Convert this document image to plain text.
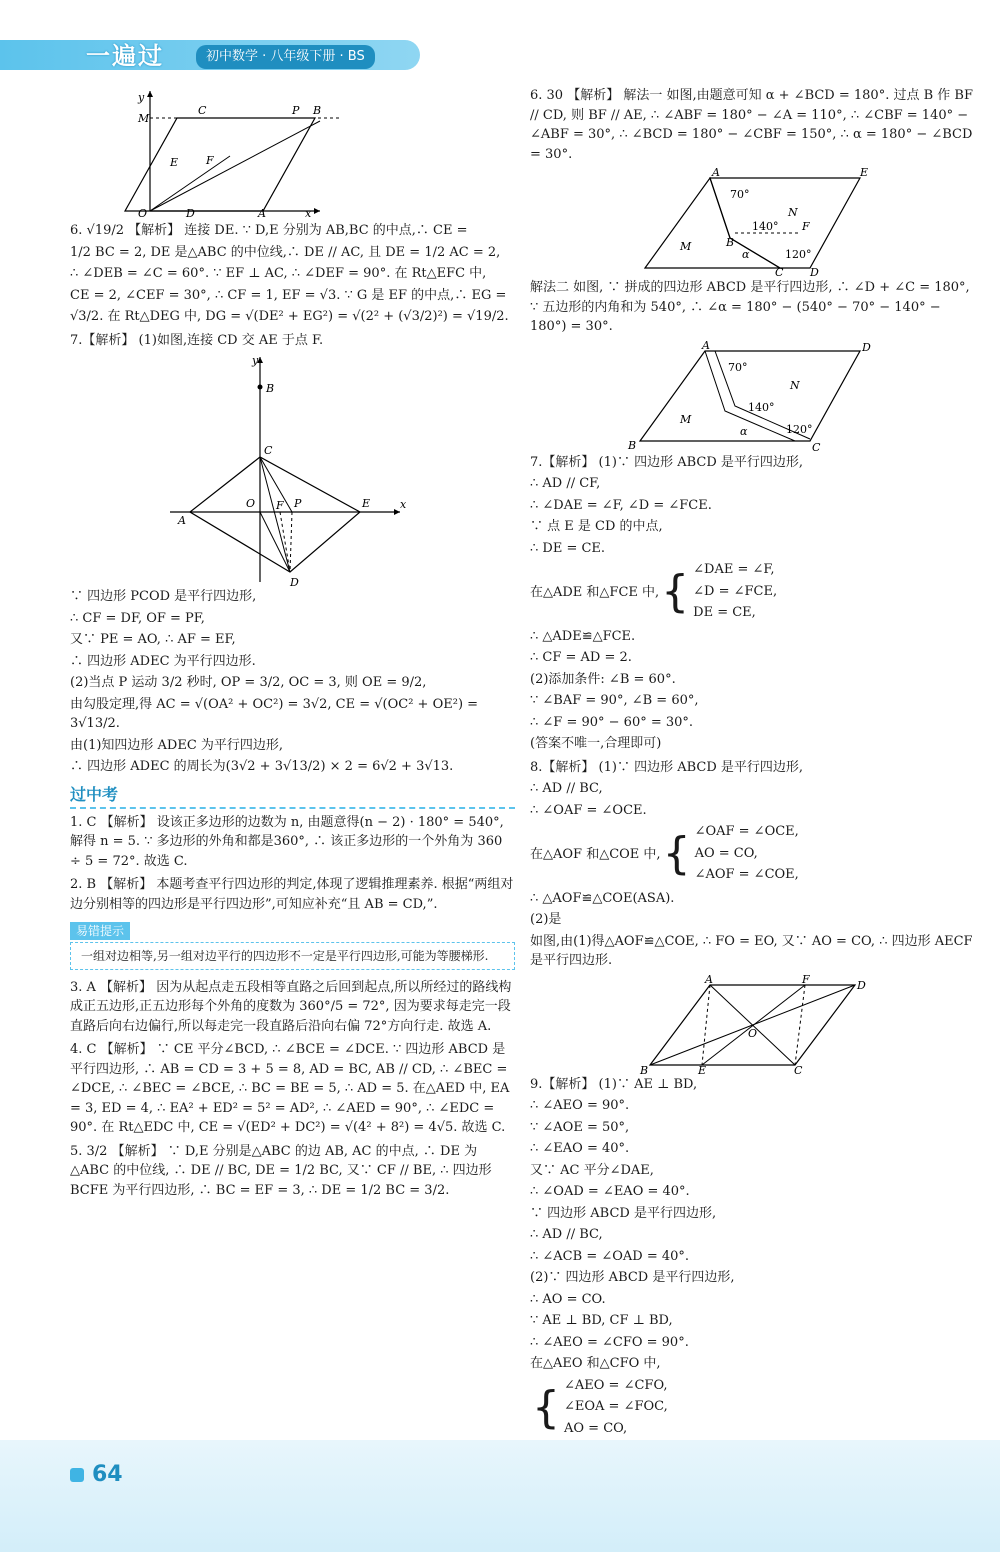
一遍过	初中数学 · 八年级下册 · BS
y
M
C	P B
E	F
O	D	A	x

6. √19/2 【解析】 连接 DE. ∵ D,E 分别为 AB,BC 的中点,∴ CE =

1/2 BC = 2, DE 是△ABC 的中位线,∴ DE // AC, 且 DE = 1/2 AC = 2,

∴ ∠DEB = ∠C = 60°. ∵ EF ⊥ AC, ∴ ∠DEF = 90°. 在 Rt△EFC 中,

CE = 2, ∠CEF = 30°, ∴ CF = 1, EF = √3. ∵ G 是 EF 的中点,∴ EG =

√3/2. 在 Rt△DEG 中, DG = √(DE² + EG²) = √(2² + (√3/2)²) = √19/2.

7.【解析】 (1)如图,连接 CD 交 AE 于点 F.

y
B
C
O F P	E
A
D
x

∵ 四边形 PCOD 是平行四边形,

∴ CF = DF, OF = PF,

又∵ PE = AO, ∴ AF = EF,

∴ 四边形 ADEC 为平行四边形.

(2)当点 P 运动 3/2 秒时, OP = 3/2, OC = 3, 则 OE = 9/2,

由勾股定理,得 AC = √(OA² + OC²) = 3√2, CE = √(OC² + OE²) = 3√13/2.

由(1)知四边形 ADEC 为平行四边形,

∴ 四边形 ADEC 的周长为(3√2 + 3√13/2) × 2 = 6√2 + 3√13.

过中考

1. C 【解析】 设该正多边形的边数为 n, 由题意得(n − 2) · 180° = 540°, 解得 n = 5. ∵ 多边形的外角和都是360°, ∴ 该正多边形的一个外角为 360 ÷ 5 = 72°. 故选 C.

2. B 【解析】 本题考查平行四边形的判定,体现了逻辑推理素养. 根据“两组对边分别相等的四边形是平行四边形”,可知应补充“且 AB = CD,”.

易错提示
一组对边相等,另一组对边平行的四边形不一定是平行四边形,可能为等腰梯形.

3. A 【解析】 因为从起点走五段相等直路之后回到起点,所以所经过的路线构成正五边形,正五边形每个外角的度数为 360°/5 = 72°, 因为要求每走完一段直路后向右边偏行,所以每走完一段直路后沿向右偏 72°方向行走. 故选 A.

4. C 【解析】 ∵ CE 平分∠BCD, ∴ ∠BCE = ∠DCE. ∵ 四边形 ABCD 是平行四边形, ∴ AB = CD = 3 + 5 = 8, AD = BC, AB // CD, ∴ ∠BEC = ∠DCE, ∴ ∠BEC = ∠BCE, ∴ BC = BE = 5, ∴ AD = 5. 在△AED 中, EA = 3, ED = 4, ∴ EA² + ED² = 5² = AD², ∴ ∠AED = 90°, ∴ ∠EDC = 90°. 在 Rt△EDC 中, CE = √(ED² + DC²) = √(4² + 8²) = 4√5. 故选 C.

5. 3/2 【解析】 ∵ D,E 分别是△ABC 的边 AB, AC 的中点, ∴ DE 为△ABC 的中位线, ∴ DE // BC, DE = 1/2 BC, 又∵ CF // BE, ∴ 四边形 BCFE 为平行四边形, ∴ BC = EF = 3, ∴ DE = 1/2 BC = 3/2.

6. 30 【解析】 解法一 如图,由题意可知 α + ∠BCD = 180°. 过点 B 作 BF // CD, 则 BF // AE, ∴ ∠ABF = 180° − ∠A = 110°, ∴ ∠CBF = 140° − ∠ABF = 30°, ∴ ∠BCD = 180° − ∠CBF = 150°, ∴ α = 180° − ∠BCD = 30°.

A	E
70°
N
140° F
B
M
α	120°
C D

解法二 如图, ∵ 拼成的四边形 ABCD 是平行四边形, ∴ ∠D + ∠C = 180°, ∵ 五边形的内角和为 540°, ∴ ∠α = 180° − (540° − 70° − 140° − 180°) = 30°.

A	D
70°
N
140°
M
α	120°
B	C

7.【解析】 (1)∵ 四边形 ABCD 是平行四边形,

∴ AD // CF,

∴ ∠DAE = ∠F, ∠D = ∠FCE.

∵ 点 E 是 CD 的中点,

∴ DE = CE.

在△ADE 和△FCE 中, { ∠DAE = ∠F,

∠D = ∠FCE,

DE = CE,

∴ △ADE≌△FCE.

∴ CF = AD = 2.

(2)添加条件: ∠B = 60°.

∵ ∠BAF = 90°, ∠B = 60°,

∴ ∠F = 90° − 60° = 30°.

(答案不唯一,合理即可)

8.【解析】 (1)∵ 四边形 ABCD 是平行四边形,

∴ AD // BC,

∴ ∠OAF = ∠OCE.

在△AOF 和△COE 中, { ∠OAF = ∠OCE,

AO = CO,

∠AOF = ∠COE,

∴ △AOF≌△COE(ASA).

(2)是

如图,由(1)得△AOF≌△COE, ∴ FO = EO, 又∵ AO = CO, ∴ 四边形 AECF 是平行四边形.

A	F	D
O
B	E	C

9.【解析】 (1)∵ AE ⊥ BD,

∴ ∠AEO = 90°.

∵ ∠AOE = 50°,

∴ ∠EAO = 40°.

又∵ AC 平分∠DAE,

∴ ∠OAD = ∠EAO = 40°.

∵ 四边形 ABCD 是平行四边形,

∴ AD // BC,

∴ ∠ACB = ∠OAD = 40°.

(2)∵ 四边形 ABCD 是平行四边形,

∴ AO = CO.

∵ AE ⊥ BD, CF ⊥ BD,

∴ ∠AEO = ∠CFO = 90°.

在△AEO 和△CFO 中,

{ ∠AEO = ∠CFO,

∠EOA = ∠FOC,

AO = CO,

64
